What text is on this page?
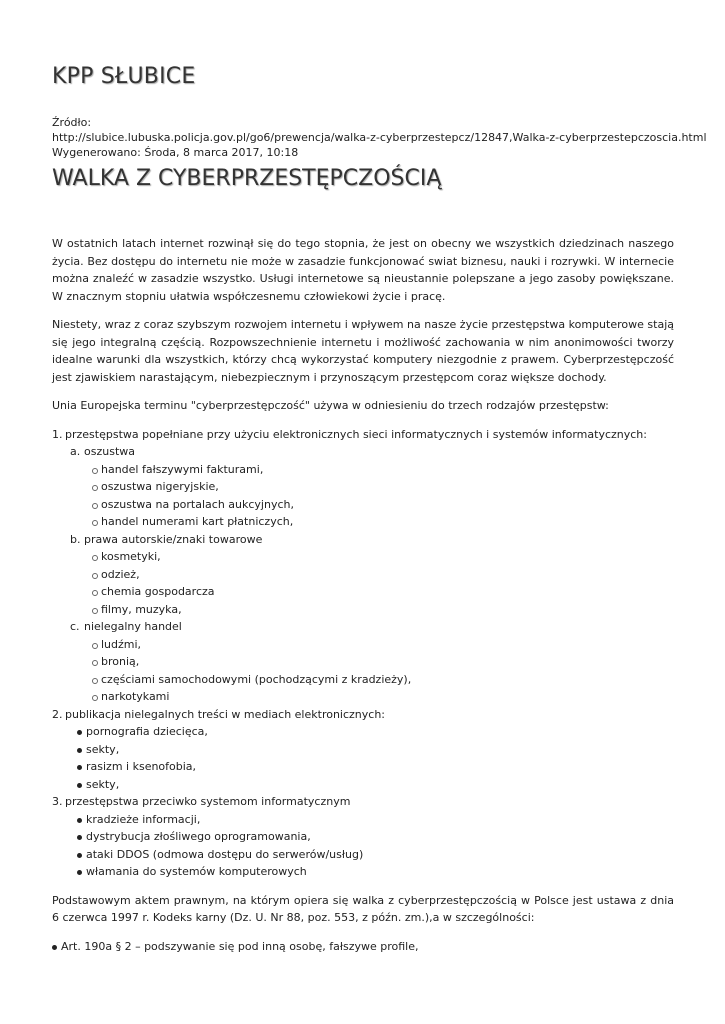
KPP SŁUBICE
Źródło:
http://slubice.lubuska.policja.gov.pl/go6/prewencja/walka-z-cyberprzestepcz/12847,Walka-z-cyberprzestepczoscia.html
Wygenerowano: Środa, 8 marca 2017, 10:18
WALKA Z CYBERPRZESTĘPCZOŚCIĄ

W ostatnich latach internet rozwinął się do tego stopnia, że jest on obecny we wszystkich dziedzinach naszego życia. Bez dostępu do internetu nie może w zasadzie funkcjonować swiat biznesu, nauki i rozrywki. W internecie można znaleźć w zasadzie wszystko. Usługi internetowe są nieustannie polepszane a jego zasoby powiększane. W znacznym stopniu ułatwia współczesnemu człowiekowi życie i pracę.

Niestety, wraz z coraz szybszym rozwojem internetu i wpływem na nasze życie przestępstwa komputerowe stają się jego integralną częścią. Rozpowszechnienie internetu i możliwość zachowania w nim anonimowości tworzy idealne warunki dla wszystkich, którzy chcą wykorzystać komputery niezgodnie z prawem. Cyberprzestępczość jest zjawiskiem narastającym, niebezpiecznym i przynoszącym przestępcom coraz większe dochody.

Unia Europejska terminu "cyberprzestępczość" używa w odniesieniu do trzech rodzajów przestępstw:

1. przestępstwa popełniane przy użyciu elektronicznych sieci informatycznych i systemów informatycznych:
a. oszustwa
handel fałszywymi fakturami,
oszustwa nigeryjskie,
oszustwa na portalach aukcyjnych,
handel numerami kart płatniczych,
b. prawa autorskie/znaki towarowe
kosmetyki,
odzież,
chemia gospodarcza
filmy, muzyka,
c. nielegalny handel
ludźmi,
bronią,
częściami samochodowymi (pochodzącymi z kradzieży),
narkotykami
2. publikacja nielegalnych treści w mediach elektronicznych:
pornografia dziecięca,
sekty,
rasizm i ksenofobia,
sekty,
3. przestępstwa przeciwko systemom informatycznym
kradzieże informacji,
dystrybucja złośliwego oprogramowania,
ataki DDOS (odmowa dostępu do serwerów/usług)
włamania do systemów komputerowych

Podstawowym aktem prawnym, na którym opiera się walka z cyberprzestępczością w Polsce jest ustawa z dnia 6 czerwca 1997 r. Kodeks karny (Dz. U. Nr 88, poz. 553, z późn. zm.),a w szczególności:

Art. 190a § 2 – podszywanie się pod inną osobę, fałszywe profile,
